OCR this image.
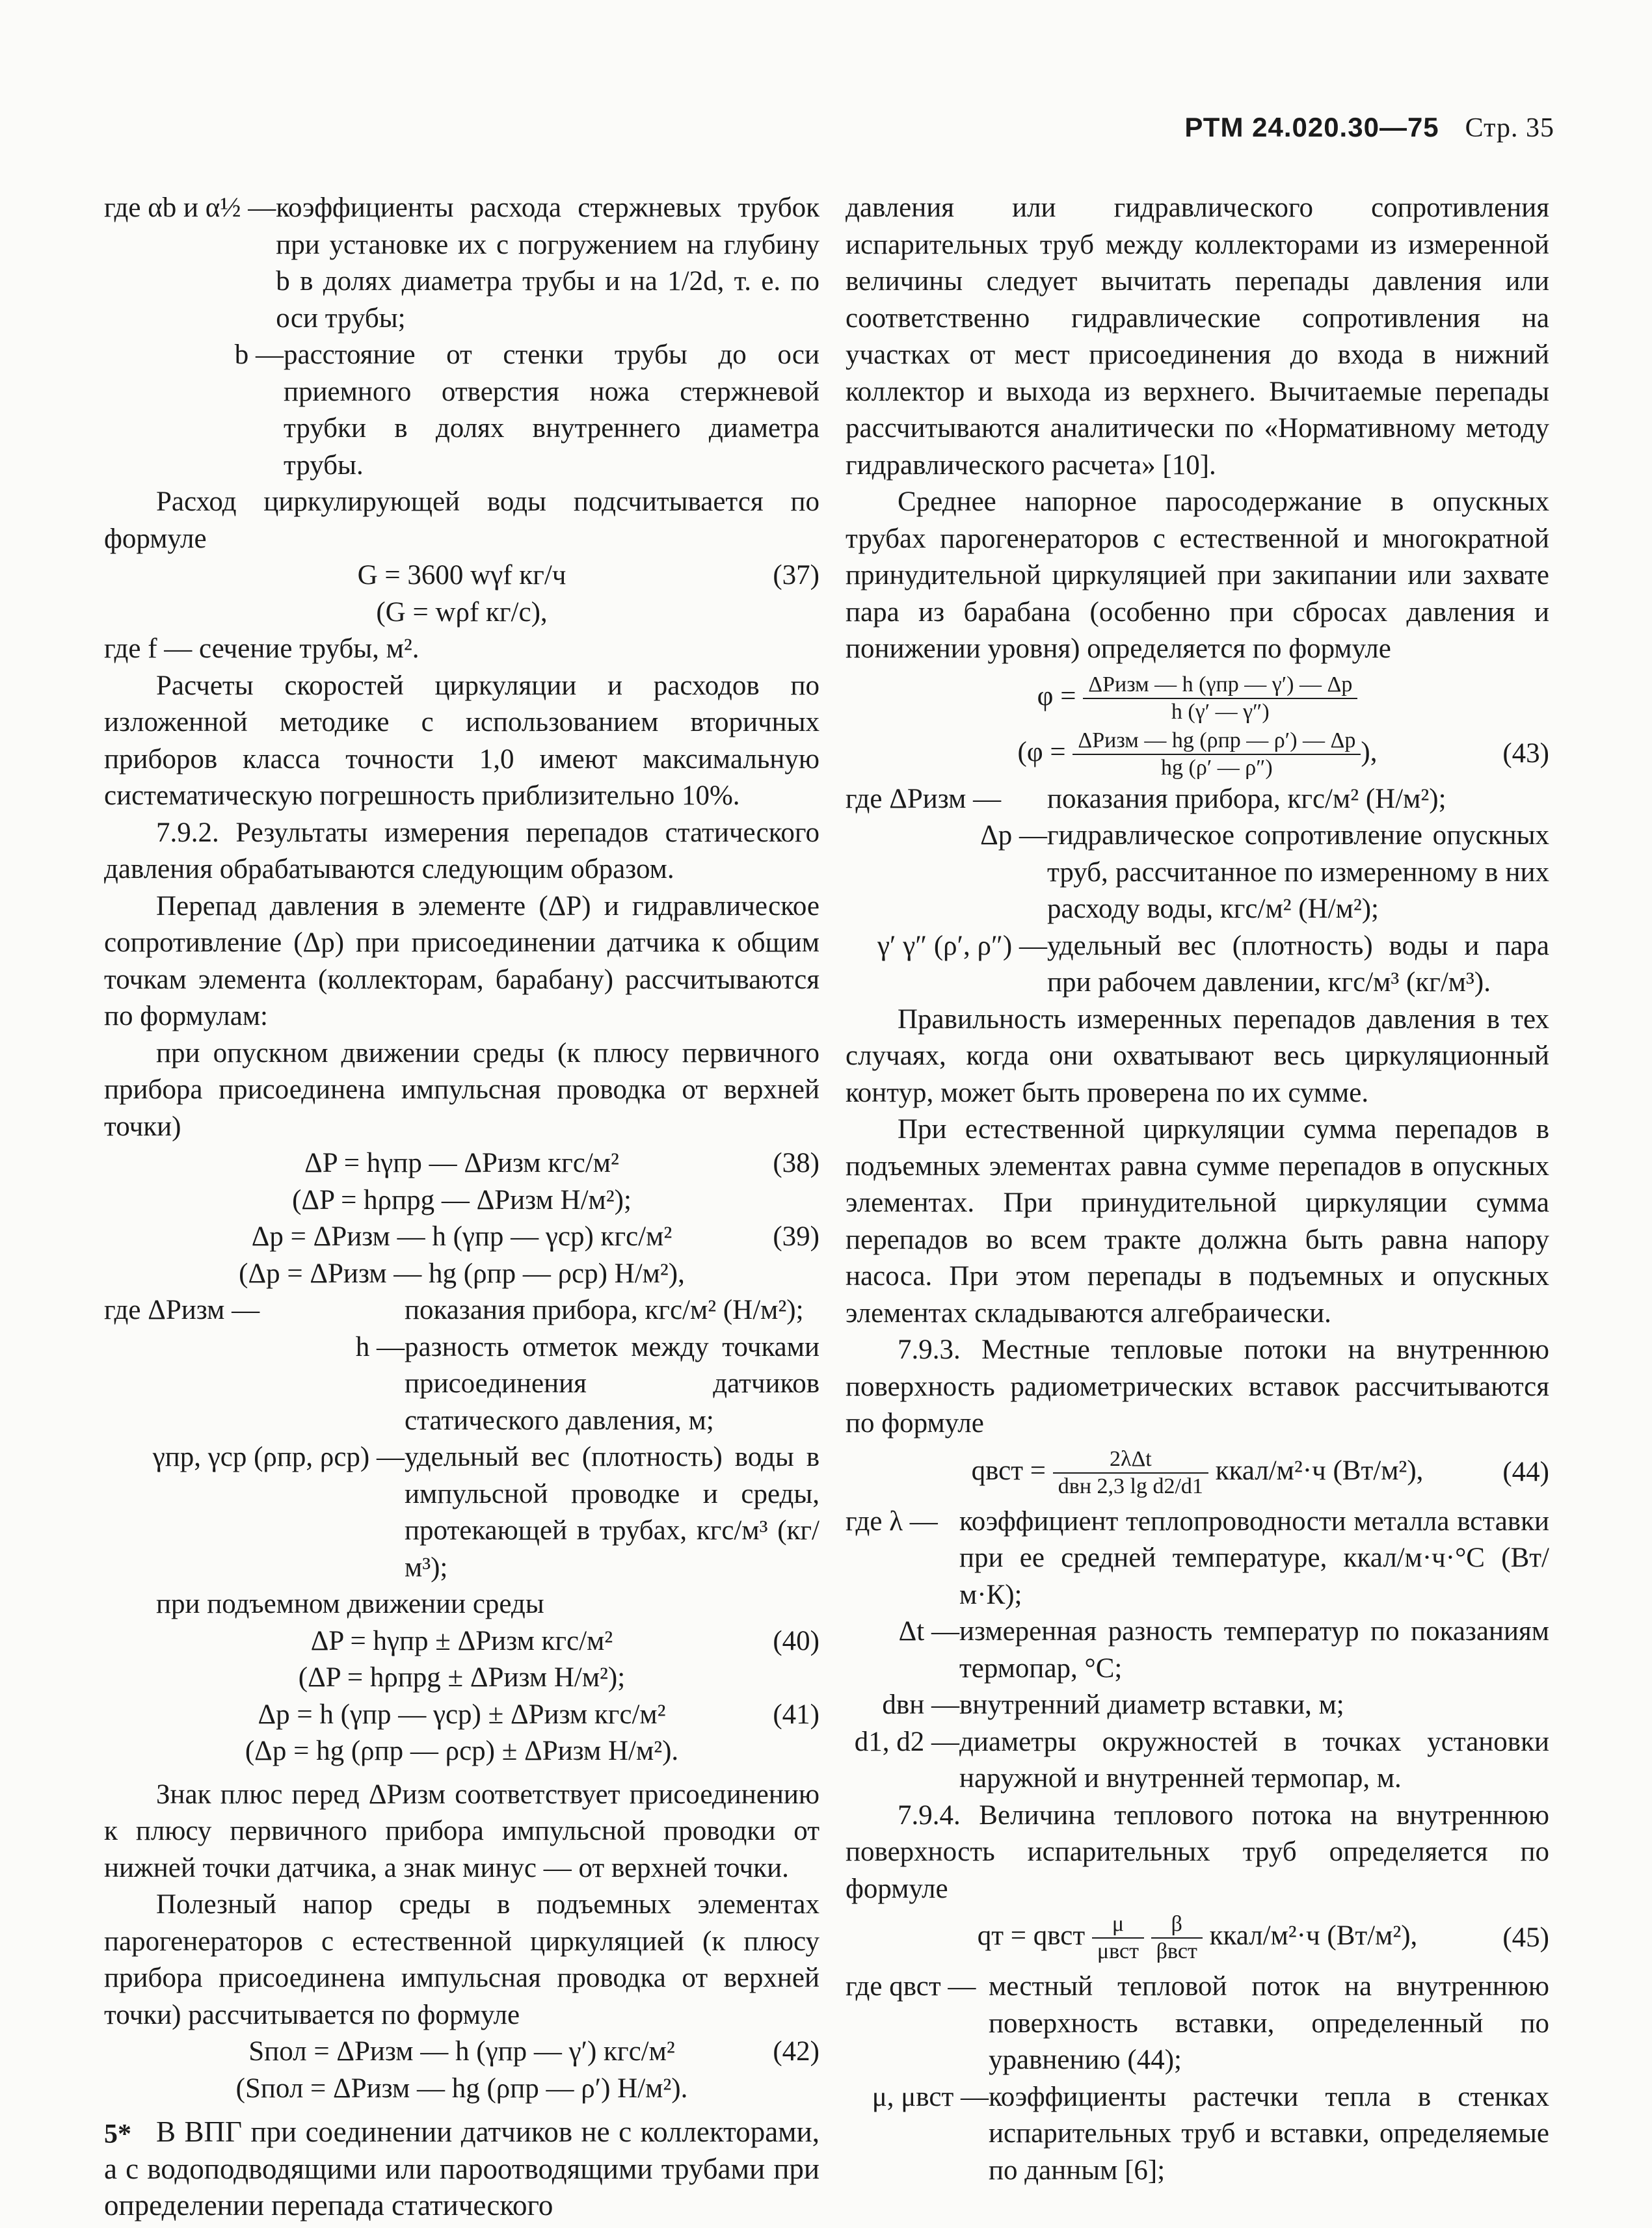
РТМ 24.020.30—75 Стр. 35
где αb и α½ — коэффициенты расхода стержневых трубок при установке их с погружением на глубину b в долях диаметра трубы и на 1/2d, т. е. по оси трубы;
b — расстояние от стенки трубы до оси приемного отверстия ножа стержневой трубки в долях внутреннего диаметра трубы.

Расход циркулирующей воды подсчитывается по формуле

G = 3600 wγf кг/ч	(37)
(G = wρf кг/с),

где f — сечение трубы, м².

Расчеты скоростей циркуляции и расходов по изложенной методике с использованием вторичных приборов класса точности 1,0 имеют максимальную систематическую погрешность приблизительно 10%.

7.9.2. Результаты измерения перепадов статического давления обрабатываются следующим образом.

Перепад давления в элементе (ΔP) и гидравлическое сопротивление (Δp) при присоединении датчика к общим точкам элемента (коллекторам, барабану) рассчитываются по формулам:

при опускном движении среды (к плюсу первичного прибора присоединена импульсная проводка от верхней точки)

ΔP = hγпр — ΔPизм кгс/м²	(38)
(ΔP = hρпрg — ΔPизм Н/м²);
Δp = ΔPизм — h (γпр — γср) кгс/м²	(39)
(Δp = ΔPизм — hg (ρпр — ρср) Н/м²),
где ΔPизм —	показания прибора, кгс/м² (Н/м²);
h — разность отметок между точками присоединения датчиков статического давления, м;
γпр, γср (ρпр, ρср) — удельный вес (плотность) воды в импульсной проводке и среды, протекающей в трубах, кгс/м³ (кг/м³);

при подъемном движении среды

ΔP = hγпр ± ΔPизм кгс/м²	(40)
(ΔP = hρпрg ± ΔPизм Н/м²);
Δp = h (γпр — γср) ± ΔPизм кгс/м²	(41)
(Δp = hg (ρпр — ρср) ± ΔPизм Н/м²).

Знак плюс перед ΔPизм соответствует присоединению к плюсу первичного прибора импульсной проводки от нижней точки датчика, а знак минус — от верхней точки.

Полезный напор среды в подъемных элементах парогенераторов с естественной циркуляцией (к плюсу прибора присоединена импульсная проводка от верхней точки) рассчитывается по формуле

Sпол = ΔPизм — h (γпр — γ′) кгс/м²	(42)
(Sпол = ΔPизм — hg (ρпр — ρ′) Н/м²).

В ВПГ при соединении датчиков не с коллекторами, а с водоподводящими или пароотводящими трубами при определении перепада статического

давления или гидравлического сопротивления испарительных труб между коллекторами из измеренной величины следует вычитать перепады давления или соответственно гидравлические сопротивления на участках от мест присоединения до входа в нижний коллектор и выхода из верхнего. Вычитаемые перепады рассчитываются аналитически по «Нормативному методу гидравлического расчета» [10].

Среднее напорное паросодержание в опускных трубах парогенераторов с естественной и многократной принудительной циркуляцией при закипании или захвате пара из барабана (особенно при сбросах давления и понижении уровня) определяется по формуле

$\varphi = \frac{\text{ΔPизм — h (γпр — γ′) — Δp}}{h (\gamma' — \gamma'')}$
($\varphi = \frac{\text{ΔPизм — hg (ρпр — ρ′) — Δp}}{hg (\rho' — \rho'')}$ ),	(43)
где ΔPизм —	показания прибора, кгс/м² (Н/м²);
Δp — гидравлическое сопротивление опускных труб, рассчитанное по измеренному в них расходу воды, кгс/м² (Н/м²);
γ′ γ″ (ρ′, ρ″) — удельный вес (плотность) воды и пара при рабочем давлении, кгс/м³ (кг/м³).

Правильность измеренных перепадов давления в тех случаях, когда они охватывают весь циркуляционный контур, может быть проверена по их сумме.

При естественной циркуляции сумма перепадов в подъемных элементах равна сумме перепадов в опускных элементах. При принудительной циркуляции сумма перепадов во всем тракте должна быть равна напору насоса. При этом перепады в подъемных и опускных элементах складываются алгебраически.

7.9.3. Местные тепловые потоки на внутреннюю поверхность радиометрических вставок рассчитываются по формуле

qвст = $\frac{\text{2λΔt}}{\text{dвн 2,3 lg d2/d1}}$ ккал/м²·ч (Вт/м²),	(44)
где λ — коэффициент теплопроводности металла вставки при ее средней температуре, ккал/м·ч·°C (Вт/м·К);
Δt — измеренная разность температур по показаниям термопар, °C;
dвн — внутренний диаметр вставки, м;
d1, d2 — диаметры окружностей в точках установки наружной и внутренней термопар, м.

7.9.4. Величина теплового потока на внутреннюю поверхность испарительных труб определяется по формуле

qт = qвст $\frac{\mu}{\text{μвст}}$
$\frac{\beta}{\text{βвст}}$ ккал/м²·ч (Вт/м²),	(45)
где qвст — местный тепловой поток на внутреннюю поверхность вставки, определенный по уравнению (44);
μ, μвст — коэффициенты растечки тепла в стенках испарительных труб и вставки, определяемые по данным [6];
5*
